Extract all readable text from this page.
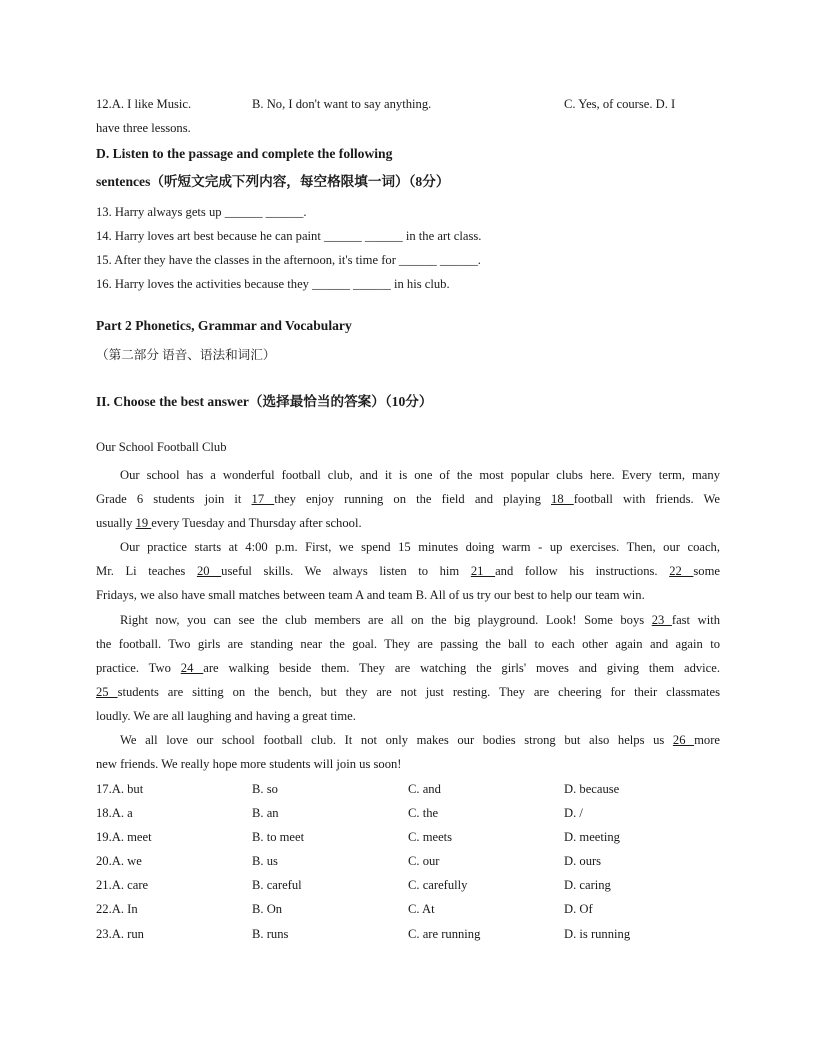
12.A. I like Music.	B. No, I don't want to say anything.	C. Yes, of course. D. I
have three lessons.
D. Listen to the passage and complete the following
sentences（听短文完成下列内容，每空格限填一词）（8分）
13. Harry always gets up ______ ______.
14. Harry loves art best because he can paint ______ ______ in the art class.
15. After they have the classes in the afternoon, it's time for ______ ______.
16. Harry loves the activities because they ______ ______ in his club.
Part 2 Phonetics, Grammar and Vocabulary
（第二部分 语音、语法和词汇）
II. Choose the best answer（选择最恰当的答案）（10分）
Our School Football Club
Our school has a wonderful football club, and it is one of the most popular clubs here. Every term, many
Grade 6 students join it 17 they enjoy running on the field and playing 18 football with friends. We
usually 19 every Tuesday and Thursday after school.
Our practice starts at 4:00 p.m. First, we spend 15 minutes doing warm - up exercises. Then, our coach,
Mr. Li teaches 20 useful skills. We always listen to him 21 and follow his instructions. 22 some
Fridays, we also have small matches between team A and team B. All of us try our best to help our team win.
Right now, you can see the club members are all on the big playground. Look! Some boys 23 fast with
the football. Two girls are standing near the goal. They are passing the ball to each other again and again to
practice. Two 24 are walking beside them. They are watching the girls' moves and giving them advice.
25 students are sitting on the bench, but they are not just resting. They are cheering for their classmates
loudly. We are all laughing and having a great time.
We all love our school football club. It not only makes our bodies strong but also helps us 26 more
new friends. We really hope more students will join us soon!
17.A. but	B. so	C. and	D. because
18.A. a	B. an	C. the	D. /
19.A. meet	B. to meet	C. meets	D. meeting
20.A. we	B. us	C. our	D. ours
21.A. care	B. careful	C. carefully	D. caring
22.A. In	B. On	C. At	D. Of
23.A. run	B. runs	C. are running	D. is running
